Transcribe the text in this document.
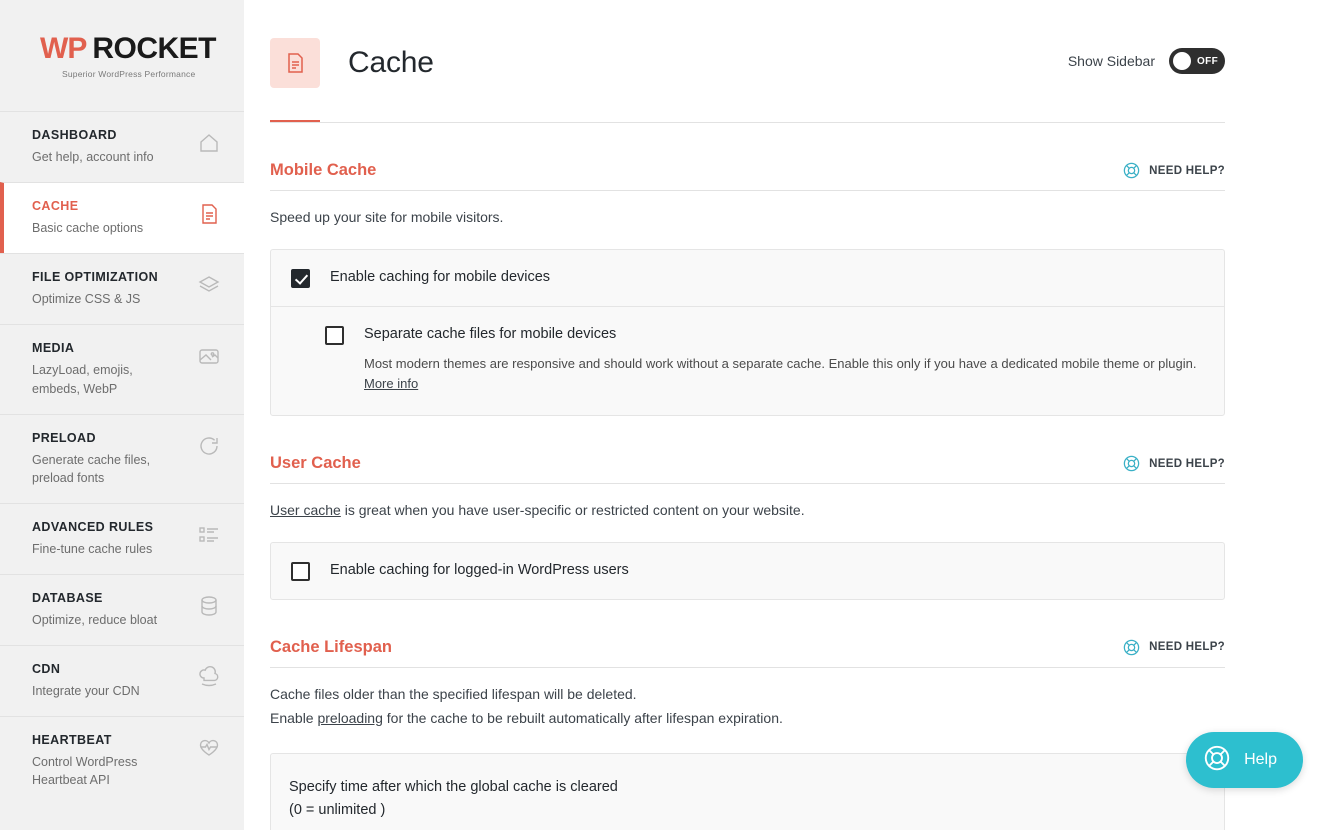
WP ROCKET
Superior WordPress Performance
DASHBOARD
Get help, account info
CACHE
Basic cache options
FILE OPTIMIZATION
Optimize CSS & JS
MEDIA
LazyLoad, emojis, embeds, WebP
PRELOAD
Generate cache files, preload fonts
ADVANCED RULES
Fine-tune cache rules
DATABASE
Optimize, reduce bloat
CDN
Integrate your CDN
HEARTBEAT
Control WordPress Heartbeat API
Cache	Show Sidebar	OFF
Mobile Cache	NEED HELP?
Speed up your site for mobile visitors.
Enable caching for mobile devices
Separate cache files for mobile devices
Most modern themes are responsive and should work without a separate cache. Enable this only if you have a dedicated mobile theme or plugin. More info
User Cache	NEED HELP?
User cache is great when you have user-specific or restricted content on your website.
Enable caching for logged-in WordPress users
Cache Lifespan	NEED HELP?
Cache files older than the specified lifespan will be deleted.
Enable preloading for the cache to be rebuilt automatically after lifespan expiration.
Specify time after which the global cache is cleared
(0 = unlimited )
Help
